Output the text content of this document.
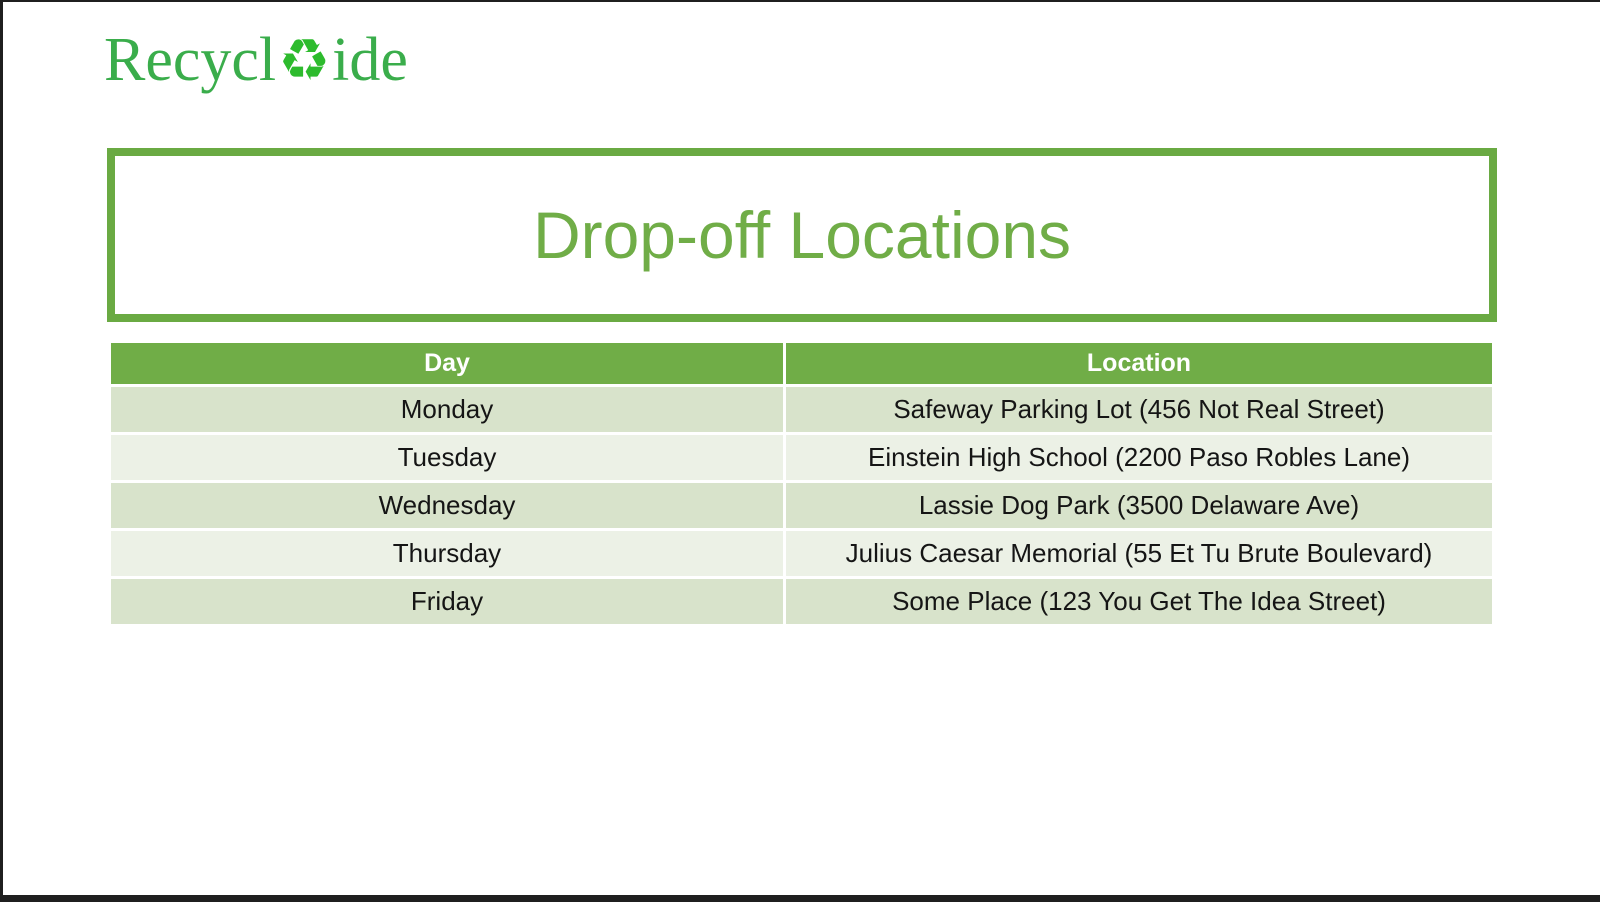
Recycl♻ide
Drop-off Locations
Day	Location
Monday	Safeway Parking Lot (456 Not Real Street)
Tuesday	Einstein High School (2200 Paso Robles Lane)
Wednesday	Lassie Dog Park (3500 Delaware Ave)
Thursday	Julius Caesar Memorial (55 Et Tu Brute Boulevard)
Friday	Some Place (123 You Get The Idea Street)
